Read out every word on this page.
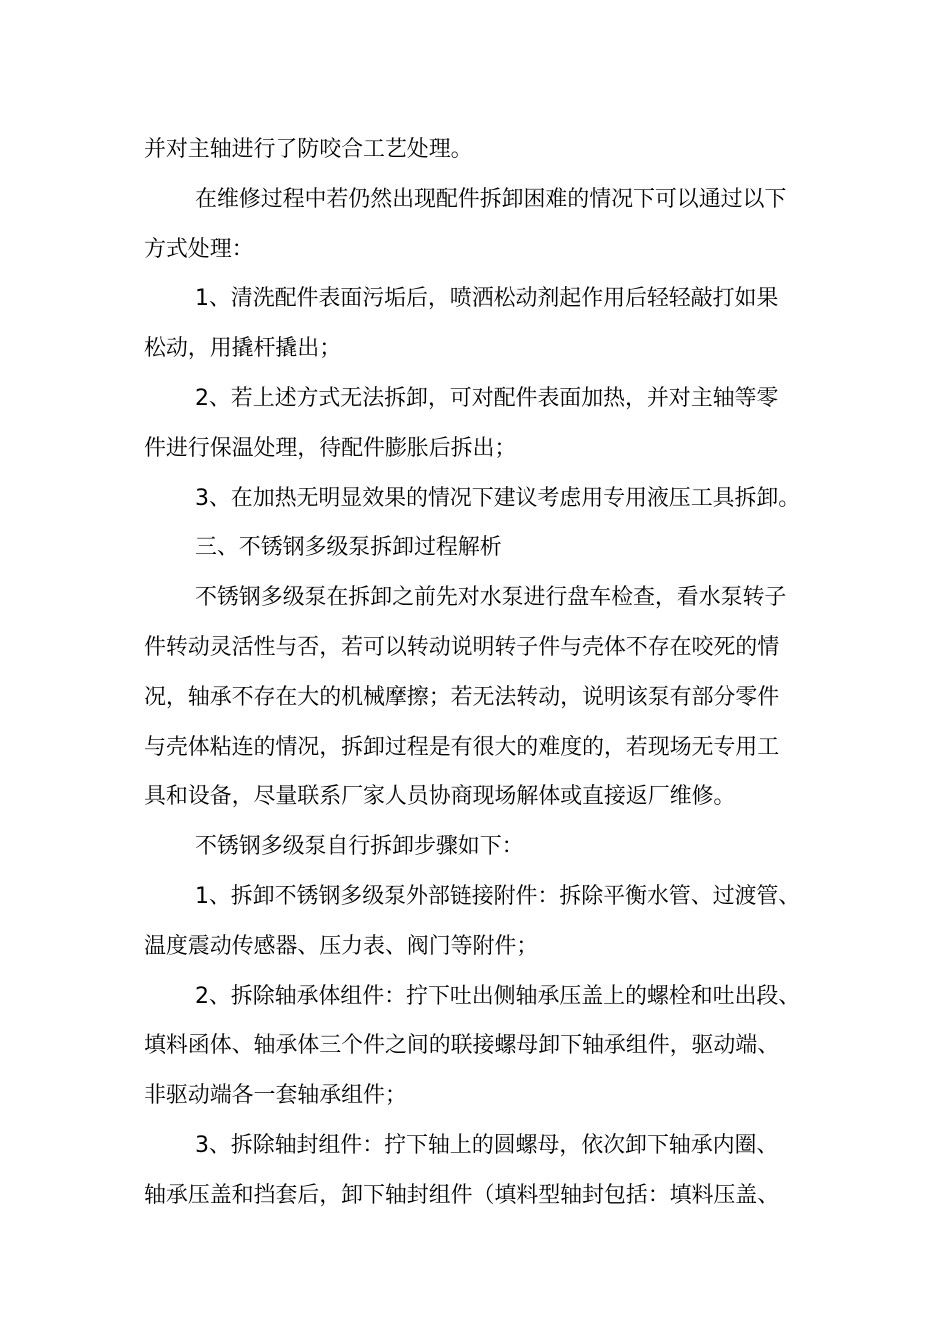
并对主轴进行了防咬合工艺处理。
在维修过程中若仍然出现配件拆卸困难的情况下可以通过以下
方式处理：
1、清洗配件表面污垢后，喷洒松动剂起作用后轻轻敲打如果
松动，用撬杆撬出；
2、若上述方式无法拆卸，可对配件表面加热，并对主轴等零
件进行保温处理，待配件膨胀后拆出；
3、在加热无明显效果的情况下建议考虑用专用液压工具拆卸。
三、不锈钢多级泵拆卸过程解析
不锈钢多级泵在拆卸之前先对水泵进行盘车检查，看水泵转子
件转动灵活性与否，若可以转动说明转子件与壳体不存在咬死的情
况，轴承不存在大的机械摩擦；若无法转动，说明该泵有部分零件
与壳体粘连的情况，拆卸过程是有很大的难度的，若现场无专用工
具和设备，尽量联系厂家人员协商现场解体或直接返厂维修。
不锈钢多级泵自行拆卸步骤如下：
1、拆卸不锈钢多级泵外部链接附件：拆除平衡水管、过渡管、
温度震动传感器、压力表、阀门等附件；
2、拆除轴承体组件：拧下吐出侧轴承压盖上的螺栓和吐出段、
填料函体、轴承体三个件之间的联接螺母卸下轴承组件，驱动端、
非驱动端各一套轴承组件；
3、拆除轴封组件：拧下轴上的圆螺母，依次卸下轴承内圈、
轴承压盖和挡套后，卸下轴封组件（填料型轴封包括：填料压盖、
